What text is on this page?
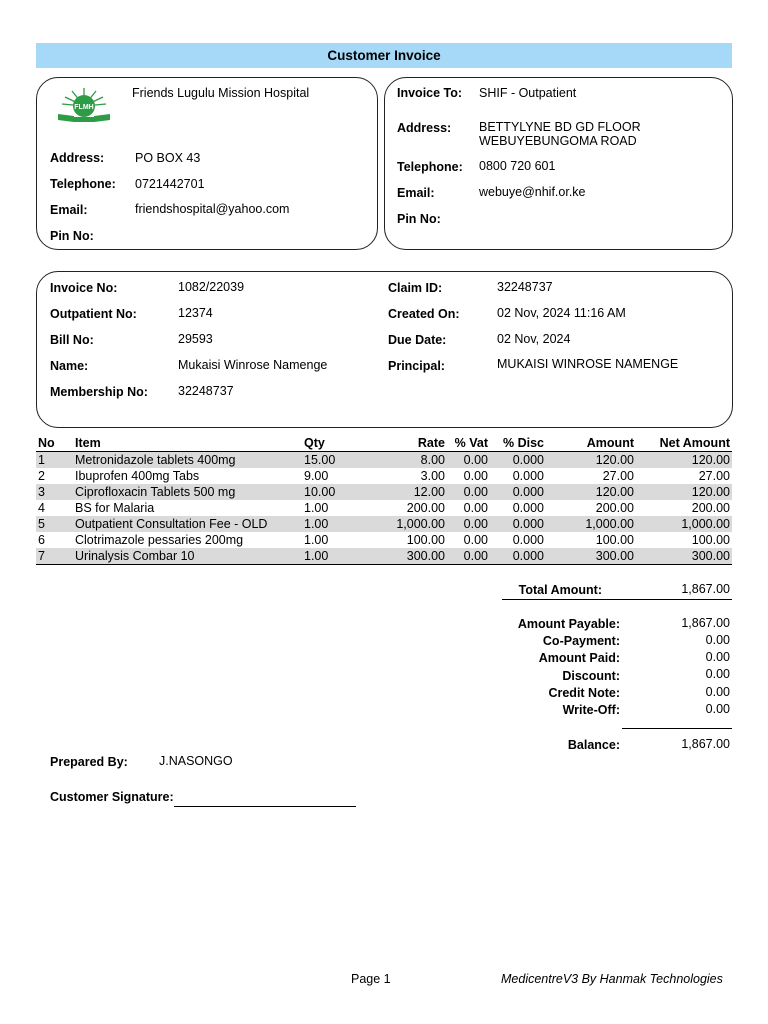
Customer Invoice
FLMH
Friends Lugulu Mission Hospital
Address: PO BOX 43
Telephone: 0721442701
Email:	friendshospital@yahoo.com
Pin No:
Invoice To: SHIF - Outpatient
Address: BETTYLYNE BD GD FLOOR
WEBUYEBUNGOMA ROAD
Telephone: 0800 720 601
Email:	webuye@nhif.or.ke
Pin No:
Invoice No:	1082/22039
Outpatient No:	12374
Bill No:	29593
Name:	Mukaisi Winrose Namenge
Membership No: 32248737
Claim ID:	32248737
Created On:	02 Nov, 2024 11:16 AM
Due Date:	02 Nov, 2024
Principal:	MUKAISI WINROSE NAMENGE
No	Item	Qty	Rate	% Vat	% Disc	Amount	Net Amount
1	Metronidazole tablets 400mg	15.00	8.00	0.00	0.000	120.00	120.00
2	Ibuprofen 400mg Tabs	9.00	3.00	0.00	0.000	27.00	27.00
3	Ciprofloxacin Tablets 500 mg	10.00	12.00	0.00	0.000	120.00	120.00
4	BS for Malaria	1.00	200.00	0.00	0.000	200.00	200.00
5	Outpatient Consultation Fee - OLD	1.00	1,000.00	0.00	0.000	1,000.00	1,000.00
6	Clotrimazole pessaries 200mg	1.00	100.00	0.00	0.000	100.00	100.00
7	Urinalysis Combar 10	1.00	300.00	0.00	0.000	300.00	300.00
Total Amount:	1,867.00
Amount Payable:	1,867.00
Co-Payment:	0.00
Amount Paid:	0.00
Discount:	0.00
Credit Note:	0.00
Write-Off:	0.00
Balance:	1,867.00
Prepared By: J.NASONGO
Customer Signature:
Page 1	MedicentreV3 By Hanmak Technologies
